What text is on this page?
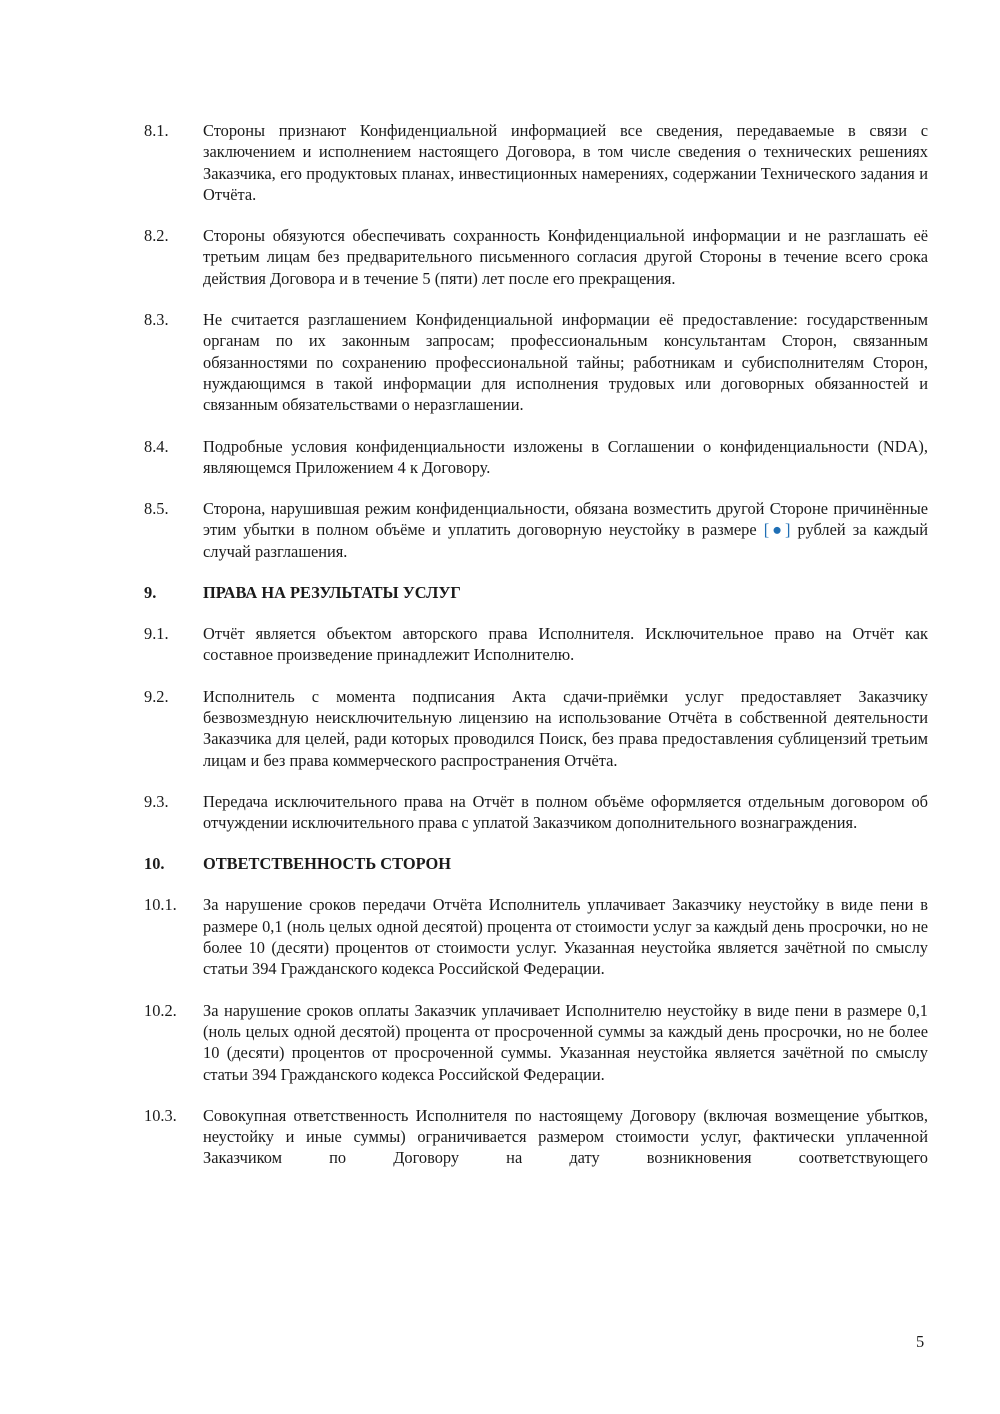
8.1.	Стороны признают Конфиденциальной информацией все сведения, передаваемые в связи с заключением и исполнением настоящего Договора, в том числе сведения о технических решениях Заказчика, его продуктовых планах, инвестиционных намерениях, содержании Технического задания и Отчёта.
8.2.	Стороны обязуются обеспечивать сохранность Конфиденциальной информации и не разглашать её третьим лицам без предварительного письменного согласия другой Стороны в течение всего срока действия Договора и в течение 5 (пяти) лет после его прекращения.
8.3.	Не считается разглашением Конфиденциальной информации её предоставление: государственным органам по их законным запросам; профессиональным консультантам Сторон, связанным обязанностями по сохранению профессиональной тайны; работникам и субисполнителям Сторон, нуждающимся в такой информации для исполнения трудовых или договорных обязанностей и связанным обязательствами о неразглашении.
8.4.	Подробные условия конфиденциальности изложены в Соглашении о конфиденциальности (NDA), являющемся Приложением 4 к Договору.
8.5.	Сторона, нарушившая режим конфиденциальности, обязана возместить другой Стороне причинённые этим убытки в полном объёме и уплатить договорную неустойку в размере [●] рублей за каждый случай разглашения.
9.	ПРАВА НА РЕЗУЛЬТАТЫ УСЛУГ
9.1.	Отчёт является объектом авторского права Исполнителя. Исключительное право на Отчёт как составное произведение принадлежит Исполнителю.
9.2.	Исполнитель с момента подписания Акта сдачи-приёмки услуг предоставляет Заказчику безвозмездную неисключительную лицензию на использование Отчёта в собственной деятельности Заказчика для целей, ради которых проводился Поиск, без права предоставления сублицензий третьим лицам и без права коммерческого распространения Отчёта.
9.3.	Передача исключительного права на Отчёт в полном объёме оформляется отдельным договором об отчуждении исключительного права с уплатой Заказчиком дополнительного вознаграждения.
10.	ОТВЕТСТВЕННОСТЬ СТОРОН
10.1.	За нарушение сроков передачи Отчёта Исполнитель уплачивает Заказчику неустойку в виде пени в размере 0,1 (ноль целых одной десятой) процента от стоимости услуг за каждый день просрочки, но не более 10 (десяти) процентов от стоимости услуг. Указанная неустойка является зачётной по смыслу статьи 394 Гражданского кодекса Российской Федерации.
10.2.	За нарушение сроков оплаты Заказчик уплачивает Исполнителю неустойку в виде пени в размере 0,1 (ноль целых одной десятой) процента от просроченной суммы за каждый день просрочки, но не более 10 (десяти) процентов от просроченной суммы. Указанная неустойка является зачётной по смыслу статьи 394 Гражданского кодекса Российской Федерации.
10.3.	Совокупная ответственность Исполнителя по настоящему Договору (включая возмещение убытков, неустойку и иные суммы) ограничивается размером стоимости услуг, фактически уплаченной Заказчиком по Договору на дату возникновения соответствующего
5
